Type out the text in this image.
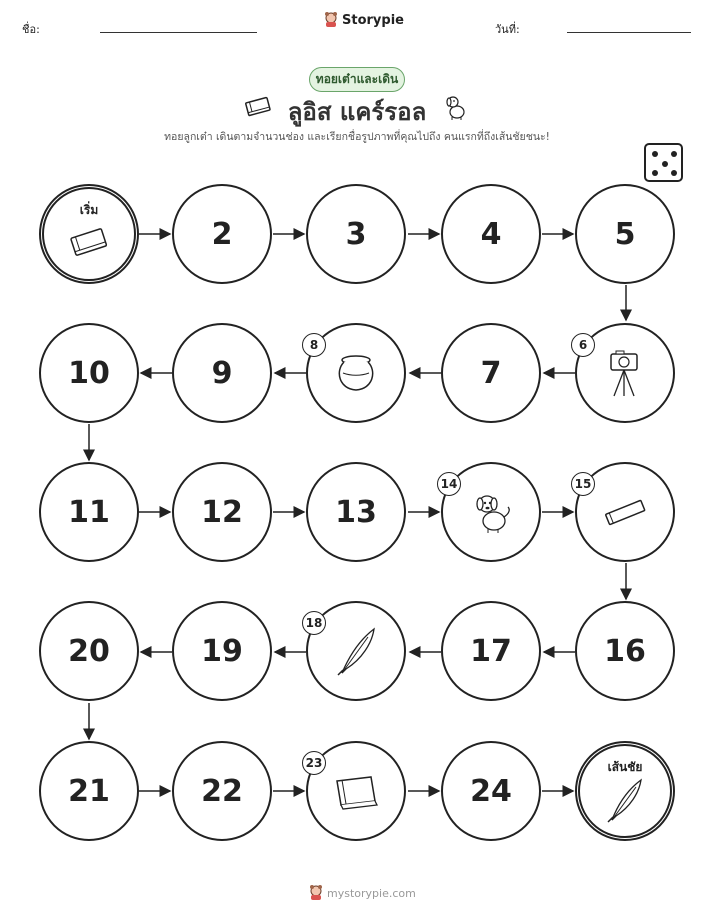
ชื่อ:
Storypie
วันที่:
ทอยเต๋าและเดิน
ลูอิส แคร์รอล
ทอยลูกเต๋า เดินตามจำนวนช่อง และเรียกชื่อรูปภาพที่คุณไปถึง คนแรกที่ถึงเส้นชัยชนะ!
เริ่ม
2	3	4	5
10	9
8
7
6
11	12	13
14	15
20	19
18
17	16
21	22
23
24
เส้นชัย
mystorypie.com
